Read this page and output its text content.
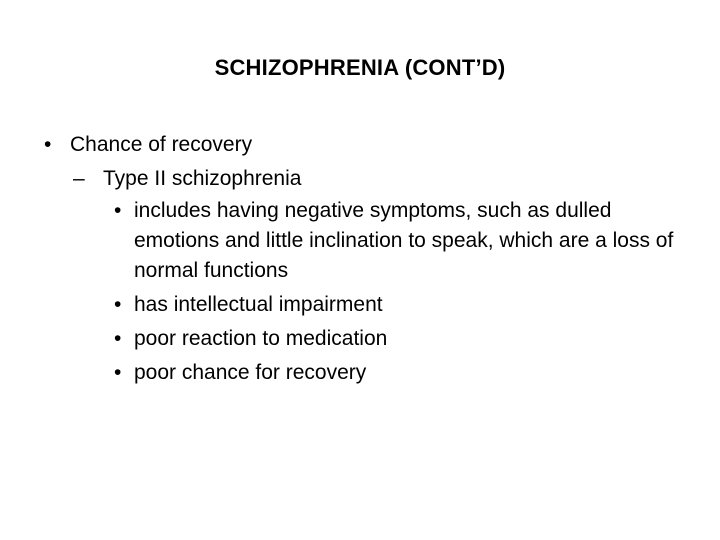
SCHIZOPHRENIA (CONT’D)
• Chance of recovery
– Type II schizophrenia
• includes having negative symptoms, such as dulled emotions and little inclination to speak, which are a loss of normal functions
• has intellectual impairment
• poor reaction to medication
• poor chance for recovery
